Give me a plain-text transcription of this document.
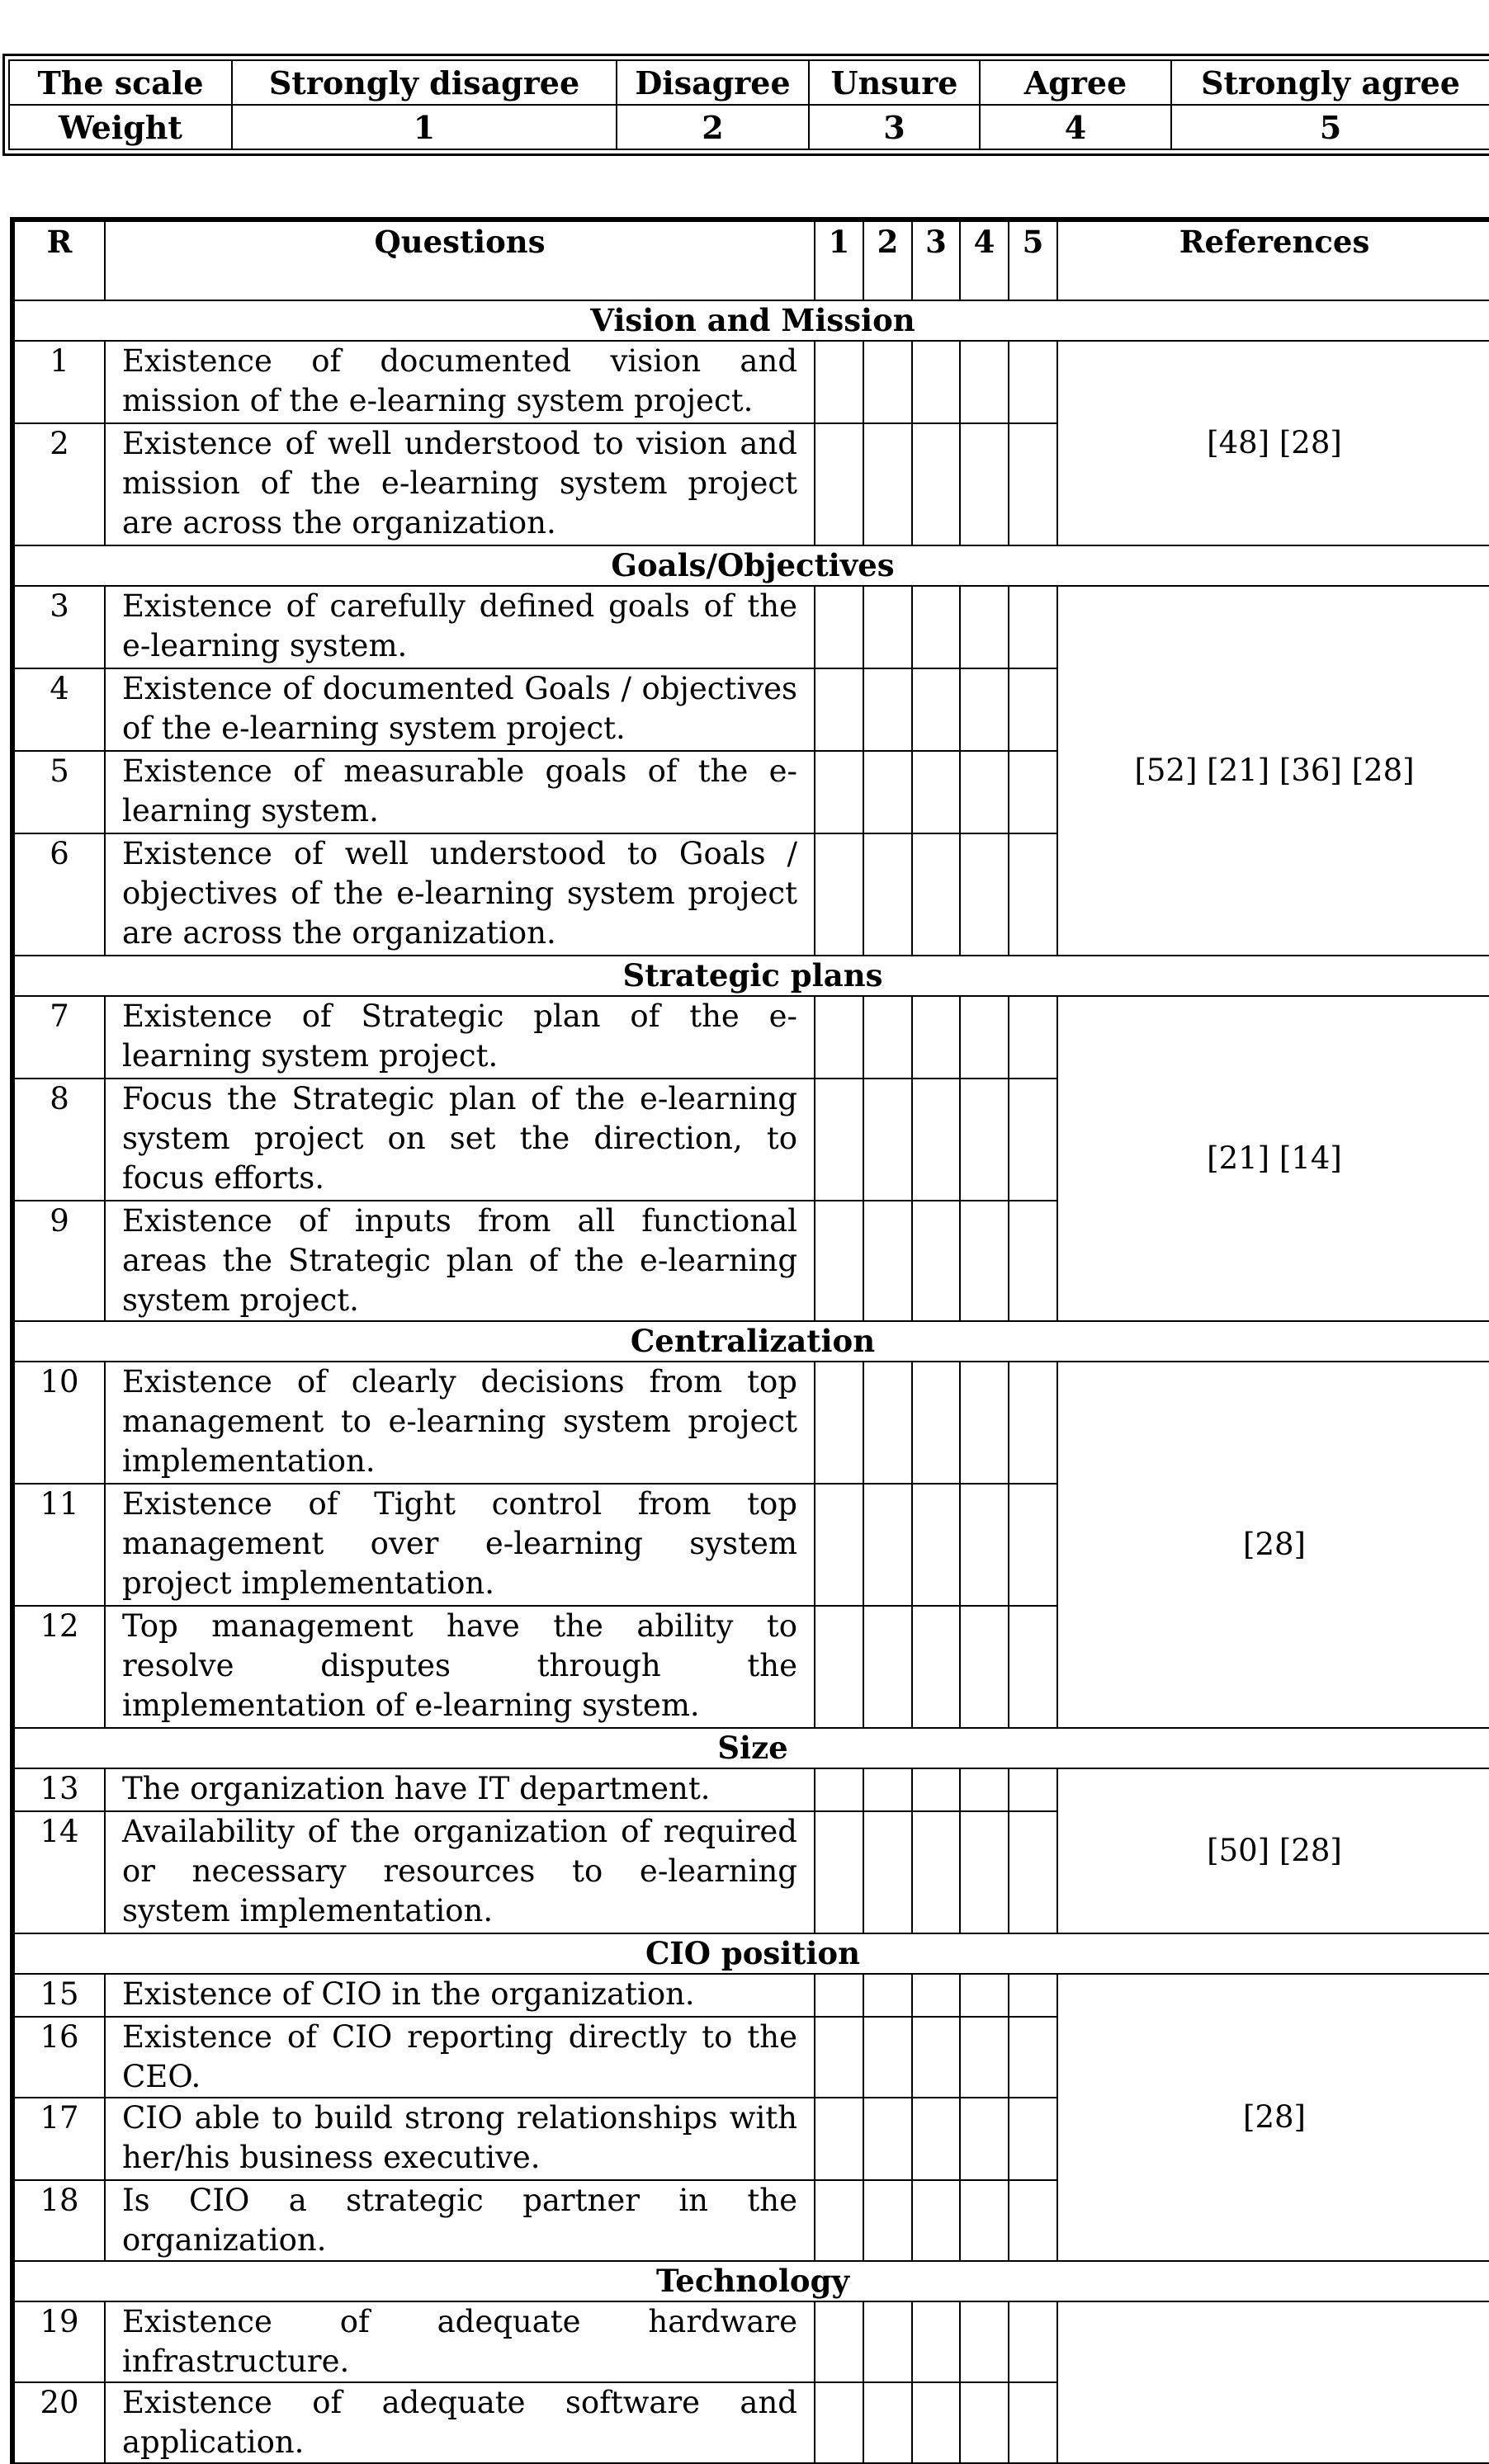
The scale	Strongly disagree	Disagree	Unsure	Agree	Strongly agree
Weight	1	2	3	4	5
R	Questions	1	2	3	4	5	References
Vision and Mission							
1	Existence of documented vision and mission of the e-learning system project.						[48] [28]
2	Existence of well understood to vision and mission of the e-learning system project are across the organization.						
Goals/Objectives							
3	Existence of carefully defined goals of the e-learning system.						[52] [21] [36] [28]
4	Existence of documented Goals / objectives of the e-learning system project.						
5	Existence of measurable goals of the e-learning system.						
6	Existence of well understood to Goals / objectives of the e-learning system project are across the organization.						
Strategic plans							
7	Existence of Strategic plan of the e-learning system project.						[21] [14]
8	Focus the Strategic plan of the e-learning system project on set the direction, to focus efforts.						
9	Existence of inputs from all functional areas the Strategic plan of the e-learning system project.						
Centralization							
10	Existence of clearly decisions from top management to e-learning system project implementation.						[28]
11	Existence of Tight control from top management over e-learning system project implementation.						
12	Top management have the ability to resolve disputes through the implementation of e-learning system.						
Size							
13	The organization have IT department.						[50] [28]
14	Availability of the organization of required or necessary resources to e-learning system implementation.						
CIO position							
15	Existence of CIO in the organization.						[28]
16	Existence of CIO reporting directly to the CEO.						
17	CIO able to build strong relationships with her/his business executive.						
18	Is CIO a strategic partner in the organization.						
Technology							
19	Existence of adequate hardware infrastructure.						
20	Existence of adequate software and application.						
